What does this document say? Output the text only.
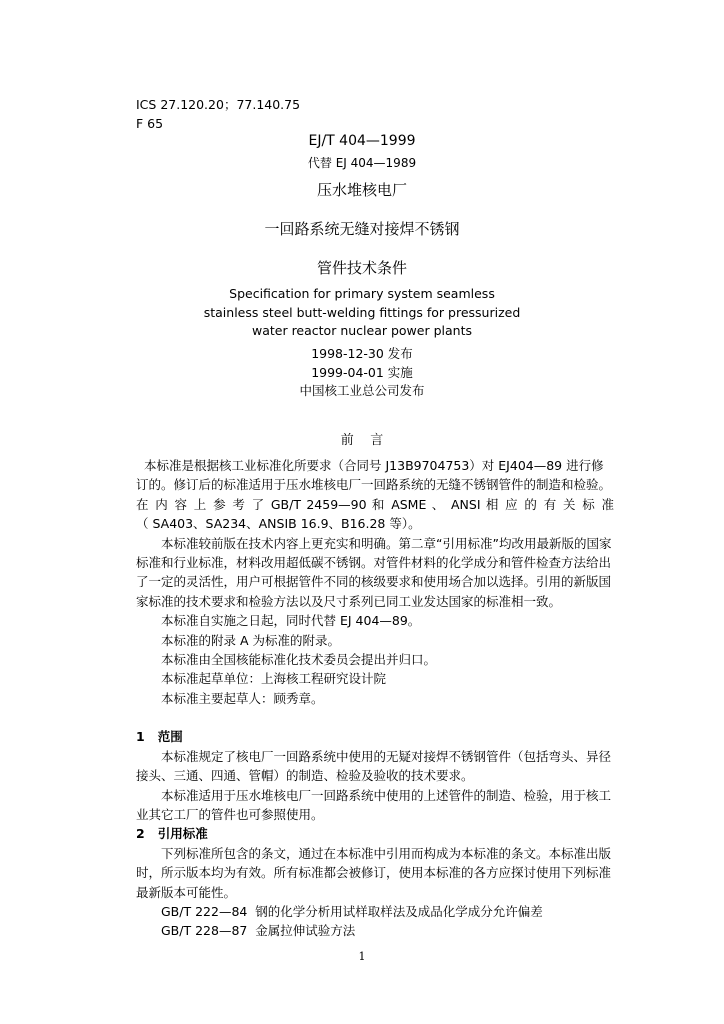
ICS 27.120.20；77.140.75
F 65
EJ/T 404—1999
代替 EJ 404—1989
压水堆核电厂
一回路系统无缝对接焊不锈钢
管件技术条件
Specification for primary system seamless
stainless steel butt-welding fittings for pressurized
water reactor nuclear power plants
1998-12-30 发布
1999-04-01 实施
中国核工业总公司发布
前    言

本标准是根据核工业标准化所要求（合同号 J13B9704753）对 EJ404—89 进行修

订的。修订后的标准适用于压水堆核电厂一回路系统的无缝不锈钢管件的制造和检验。

在 内 容 上 参 考 了 GB/T 2459—90 和 ASME 、 ANSI 相 应 的 有 关 标 准

（ SA403、SA234、ANSIB 16.9、B16.28 等）。

本标准较前版在技术内容上更充实和明确。第二章“引用标准”均改用最新版的国家标准和行业标准，材料改用超低碳不锈钢。对管件材料的化学成分和管件检查方法给出了一定的灵活性，用户可根据管件不同的核级要求和使用场合加以选择。引用的新版国家标准的技术要求和检验方法以及尺寸系列已同工业发达国家的标准相一致。

本标准自实施之日起，同时代替 EJ 404—89。

本标准的附录 A 为标准的附录。

本标准由全国核能标准化技术委员会提出并归口。

本标准起草单位：上海核工程研究设计院

本标准主要起草人：顾秀章。

1   范围

本标准规定了核电厂一回路系统中使用的无疑对接焊不锈钢管件（包括弯头、异径接头、三通、四通、管帽）的制造、检验及验收的技术要求。

本标准适用于压水堆核电厂一回路系统中使用的上述管件的制造、检验，用于核工业其它工厂的管件也可参照使用。

2   引用标准

下列标准所包含的条文，通过在本标准中引用而构成为本标准的条文。本标准出版时，所示版本均为有效。所有标准都会被修订，使用本标准的各方应探讨使用下列标准最新版本可能性。

GB/T 222—84  钢的化学分析用试样取样法及成品化学成分允许偏差

GB/T 228—87  金属拉伸试验方法

1
